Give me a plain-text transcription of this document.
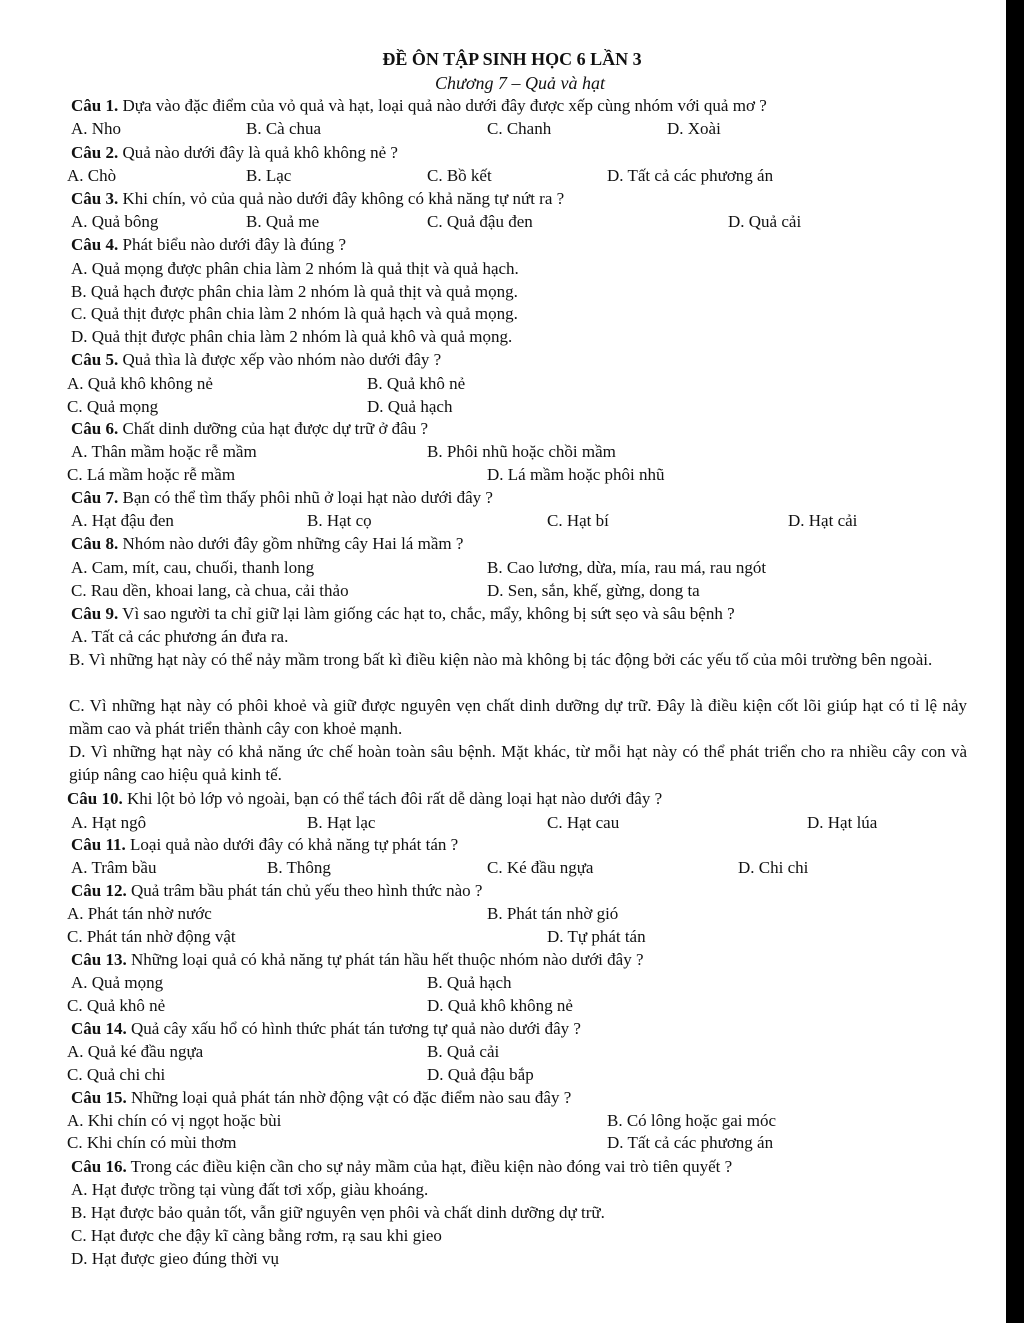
ĐỀ ÔN TẬP SINH HỌC 6 LẦN 3
Chương 7 – Quả và hạt
Câu 1. Dựa vào đặc điểm của vỏ quả và hạt, loại quả nào dưới đây được xếp cùng nhóm với quả mơ ?
A. Nho	B. Cà chua	C. Chanh	D. Xoài
Câu 2. Quả nào dưới đây là quả khô không nẻ ?
A. Chò	B. Lạc	C. Bồ kết	D. Tất cả các phương án
Câu 3. Khi chín, vỏ của quả nào dưới đây không có khả năng tự nứt ra ?
A. Quả bông	B. Quả me	C. Quả đậu đen	D. Quả cải
Câu 4. Phát biểu nào dưới đây là đúng ?
A. Quả mọng được phân chia làm 2 nhóm là quả thịt và quả hạch.
B. Quả hạch được phân chia làm 2 nhóm là quả thịt và quả mọng.
C. Quả thịt được phân chia làm 2 nhóm là quả hạch và quả mọng.
D. Quả thịt được phân chia làm 2 nhóm là quả khô và quả mọng.
Câu 5. Quả thìa là được xếp vào nhóm nào dưới đây ?
A. Quả khô không nẻ	B. Quả khô nẻ
C. Quả mọng	D. Quả hạch
Câu 6. Chất dinh dưỡng của hạt được dự trữ ở đâu ?
A. Thân mầm hoặc rễ mầm	B. Phôi nhũ hoặc chồi mầm
C. Lá mầm hoặc rễ mầm	D. Lá mầm hoặc phôi nhũ
Câu 7. Bạn có thể tìm thấy phôi nhũ ở loại hạt nào dưới đây ?
A. Hạt đậu đen	B. Hạt cọ	C. Hạt bí	D. Hạt cải
Câu 8. Nhóm nào dưới đây gồm những cây Hai lá mầm ?
A. Cam, mít, cau, chuối, thanh long	B. Cao lương, dừa, mía, rau má, rau ngót
C. Rau dền, khoai lang, cà chua, cải thảo	D. Sen, sắn, khế, gừng, dong ta
Câu 9. Vì sao người ta chỉ giữ lại làm giống các hạt to, chắc, mẩy, không bị sứt sẹo và sâu bệnh ?
A. Tất cả các phương án đưa ra.
B. Vì những hạt này có thể nảy mầm trong bất kì điều kiện nào mà không bị tác động bởi các yếu tố của môi trường bên ngoài.
C. Vì những hạt này có phôi khoẻ và giữ được nguyên vẹn chất dinh dưỡng dự trữ. Đây là điều kiện cốt lõi giúp hạt có tỉ lệ nảy mầm cao và phát triển thành cây con khoẻ mạnh.
D. Vì những hạt này có khả năng ức chế hoàn toàn sâu bệnh. Mặt khác, từ mỗi hạt này có thể phát triển cho ra nhiều cây con và giúp nâng cao hiệu quả kinh tế.
Câu 10. Khi lột bỏ lớp vỏ ngoài, bạn có thể tách đôi rất dễ dàng loại hạt nào dưới đây ?
A. Hạt ngô	B. Hạt lạc	C. Hạt cau	D. Hạt lúa
Câu 11. Loại quả nào dưới đây có khả năng tự phát tán ?
A. Trâm bầu	B. Thông	C. Ké đầu ngựa	D. Chi chi
Câu 12. Quả trâm bầu phát tán chủ yếu theo hình thức nào ?
A. Phát tán nhờ nước	B. Phát tán nhờ gió
C. Phát tán nhờ động vật	D. Tự phát tán
Câu 13. Những loại quả có khả năng tự phát tán hầu hết thuộc nhóm nào dưới đây ?
A. Quả mọng	B. Quả hạch
C. Quả khô nẻ	D. Quả khô không nẻ
Câu 14. Quả cây xấu hổ có hình thức phát tán tương tự quả nào dưới đây ?
A. Quả ké đầu ngựa	B. Quả cải
C. Quả chi chi	D. Quả đậu bắp
Câu 15. Những loại quả phát tán nhờ động vật có đặc điểm nào sau đây ?
A. Khi chín có vị ngọt hoặc bùi	B. Có lông hoặc gai móc
C. Khi chín có mùi thơm	D. Tất cả các phương án
Câu 16. Trong các điều kiện cần cho sự nảy mầm của hạt, điều kiện nào đóng vai trò tiên quyết ?
A. Hạt được trồng tại vùng đất tơi xốp, giàu khoáng.
B. Hạt được bảo quản tốt, vẫn giữ nguyên vẹn phôi và chất dinh dưỡng dự trữ.
C. Hạt được che đậy kĩ càng bằng rơm, rạ sau khi gieo
D. Hạt được gieo đúng thời vụ
